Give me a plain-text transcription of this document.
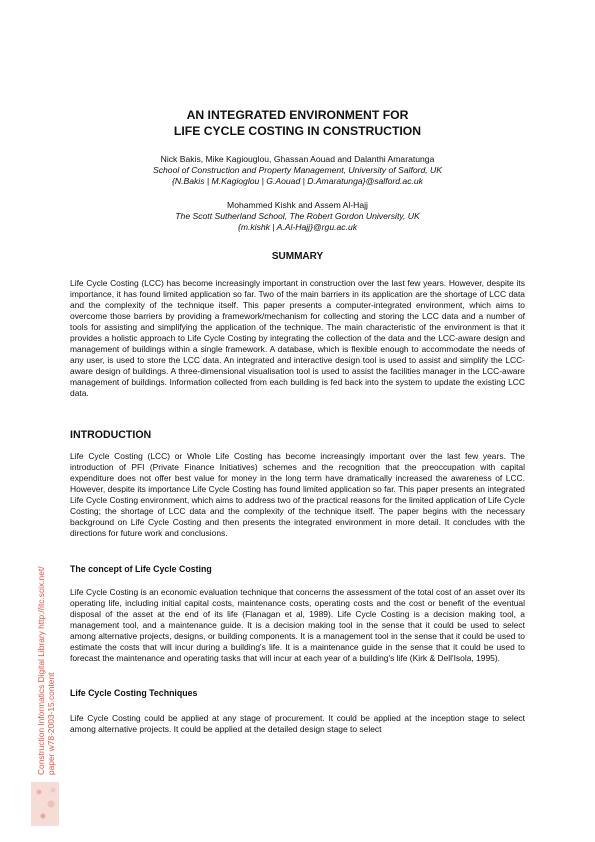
AN INTEGRATED ENVIRONMENT FOR
LIFE CYCLE COSTING IN CONSTRUCTION
Nick Bakis, Mike Kagiouglou, Ghassan Aouad and Dalanthi Amaratunga
School of Construction and Property Management, University of Salford, UK
{N.Bakis | M.Kagioglou | G.Aouad | D.Amaratunga}@salford.ac.uk
Mohammed Kishk and Assem Al-Hajj
The Scott Sutherland School, The Robert Gordon University, UK
{m.kishk | A.Al-Hajj}@rgu.ac.uk
SUMMARY
Life Cycle Costing (LCC) has become increasingly important in construction over the last few years. However, despite its importance, it has found limited application so far. Two of the main barriers in its application are the shortage of LCC data and the complexity of the technique itself. This paper presents a computer-integrated environment, which aims to overcome those barriers by providing a framework/mechanism for collecting and storing the LCC data and a number of tools for assisting and simplifying the application of the technique. The main characteristic of the environment is that it provides a holistic approach to Life Cycle Costing by integrating the collection of the data and the LCC-aware design and management of buildings within a single framework. A database, which is flexible enough to accommodate the needs of any user, is used to store the LCC data. An integrated and interactive design tool is used to assist and simplify the LCC-aware design of buildings. A three-dimensional visualisation tool is used to assist the facilities manager in the LCC-aware management of buildings. Information collected from each building is fed back into the system to update the existing LCC data.
INTRODUCTION
Life Cycle Costing (LCC) or Whole Life Costing has become increasingly important over the last few years. The introduction of PFI (Private Finance Initiatives) schemes and the recognition that the preoccupation with capital expenditure does not offer best value for money in the long term have dramatically increased the awareness of LCC. However, despite its importance Life Cycle Costing has found limited application so far. This paper presents an integrated Life Cycle Costing environment, which aims to address two of the practical reasons for the limited application of Life Cycle Costing; the shortage of LCC data and the complexity of the technique itself. The paper begins with the necessary background on Life Cycle Costing and then presents the integrated environment in more detail. It concludes with the directions for future work and conclusions.
The concept of Life Cycle Costing
Life Cycle Costing is an economic evaluation technique that concerns the assessment of the total cost of an asset over its operating life, including initial capital costs, maintenance costs, operating costs and the cost or benefit of the eventual disposal of the asset at the end of its life (Flanagan et al, 1989). Life Cycle Costing is a decision making tool, a management tool, and a maintenance guide. It is a decision making tool in the sense that it could be used to select among alternative projects, designs, or building components. It is a management tool in the sense that it could be used to estimate the costs that will incur during a building's life. It is a maintenance guide in the sense that it could be used to forecast the maintenance and operating tasks that will incur at each year of a building's life (Kirk & Dell'Isola, 1995).
Life Cycle Costing Techniques
Life Cycle Costing could be applied at any stage of procurement. It could be applied at the inception stage to select among alternative projects. It could be applied at the detailed design stage to select
Construction Informatics Digital Library http://itc.scix.net/ paper w78-2003-15.content
